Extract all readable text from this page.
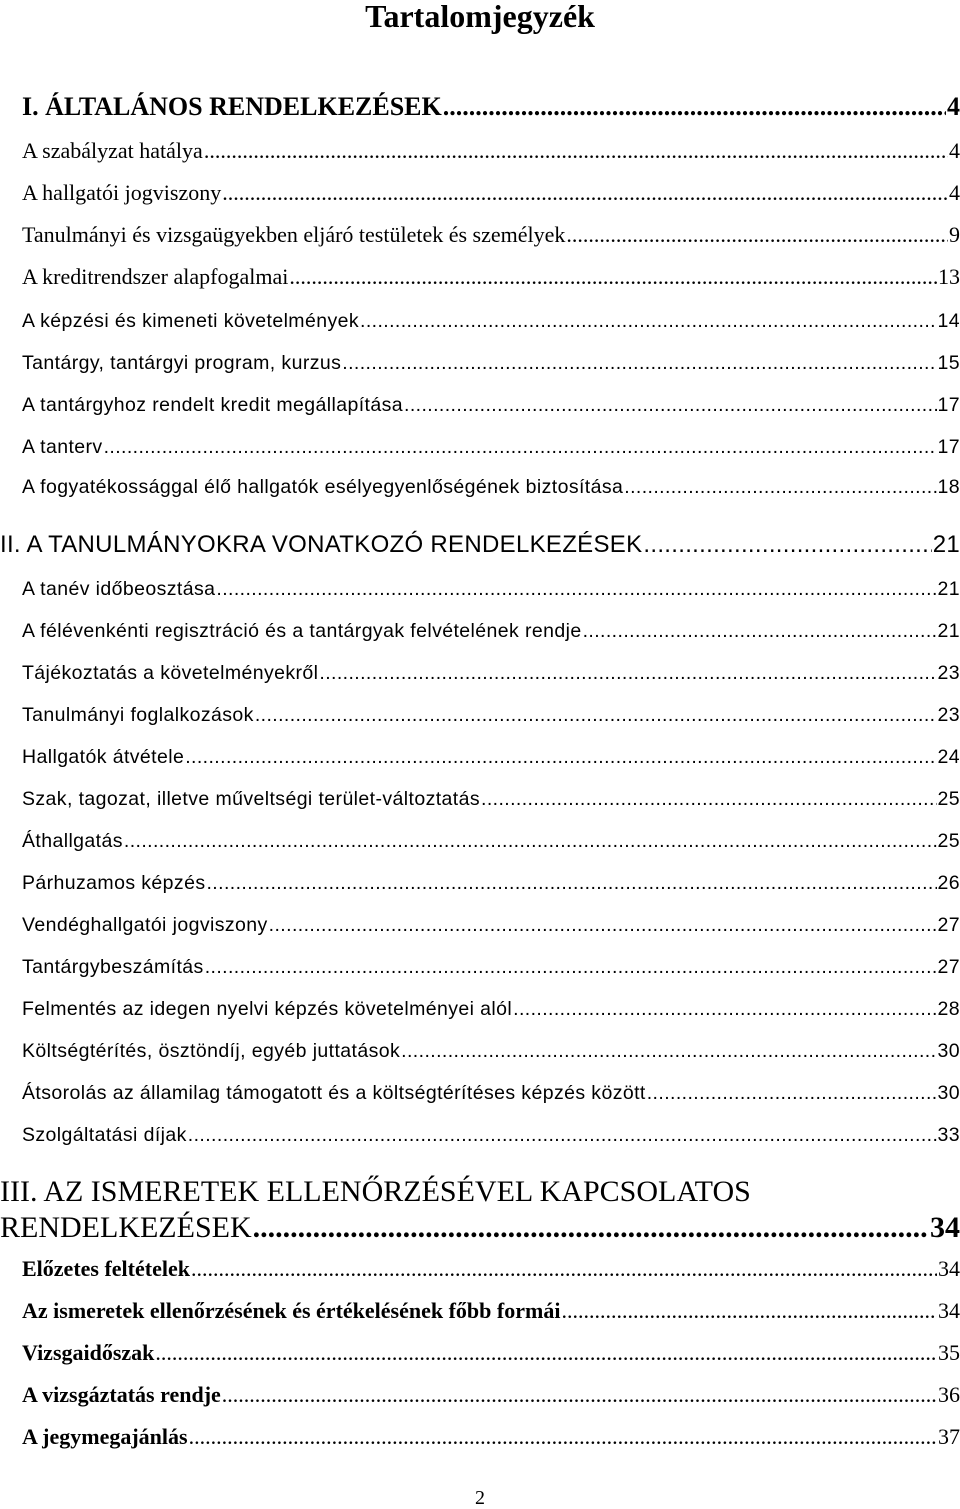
Tartalomjegyzék
I. ÁLTALÁNOS RENDELKEZÉSEK .....	4
A szabályzat hatálya .....	4
A hallgatói jogviszony .....	4
Tanulmányi és vizsgaügyekben eljáró testületek és személyek .....	9
A kreditrendszer alapfogalmai .....	13
A képzési és kimeneti követelmények .....	14
Tantárgy, tantárgyi program, kurzus .....	15
A tantárgyhoz rendelt kredit megállapítása .....	17
A tanterv .....	17
A fogyatékossággal élő hallgatók esélyegyenlőségének biztosítása .....	18
II. A TANULMÁNYOKRA VONATKOZÓ RENDELKEZÉSEK .....	21
A tanév időbeosztása .....	21
A félévenkénti regisztráció és a tantárgyak felvételének rendje .....	21
Tájékoztatás a követelményekről .....	23
Tanulmányi foglalkozások .....	23
Hallgatók átvétele .....	24
Szak, tagozat, illetve műveltségi terület-változtatás .....	25
Áthallgatás .....	25
Párhuzamos képzés .....	26
Vendéghallgatói jogviszony .....	27
Tantárgybeszámítás .....	27
Felmentés az idegen nyelvi képzés követelményei alól .....	28
Költségtérítés, ösztöndíj, egyéb juttatások .....	30
Átsorolás az államilag támogatott és a költségtérítéses képzés között .....	30
Szolgáltatási díjak .....	33
III. AZ ISMERETEK ELLENŐRZÉSÉVEL KAPCSOLATOS
RENDELKEZÉSEK .....	34
Előzetes feltételek .....	34
Az ismeretek ellenőrzésének és értékelésének főbb formái .....	34
Vizsgaidőszak .....	35
A vizsgáztatás rendje .....	36
A jegymegajánlás .....	37
2
